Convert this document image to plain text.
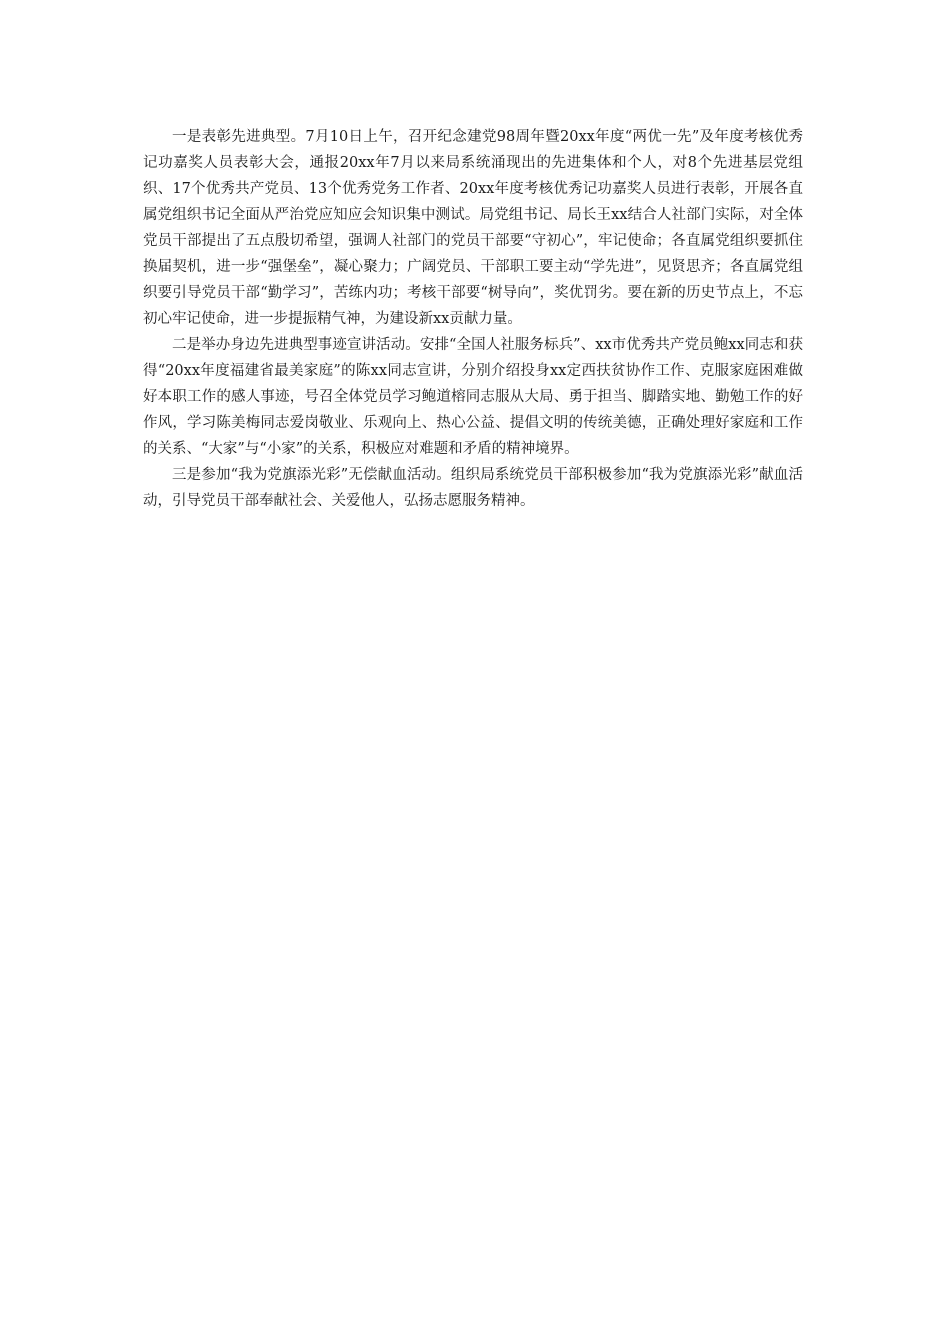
一是表彰先进典型。7月10日上午，召开纪念建党98周年暨20xx年度“两优一先”及年度考核优秀记功嘉奖人员表彰大会，通报20xx年7月以来局系统涌现出的先进集体和个人，对8个先进基层党组织、17个优秀共产党员、13个优秀党务工作者、20xx年度考核优秀记功嘉奖人员进行表彰，开展各直属党组织书记全面从严治党应知应会知识集中测试。局党组书记、局长王xx结合人社部门实际，对全体党员干部提出了五点殷切希望，强调人社部门的党员干部要“守初心”，牢记使命；各直属党组织要抓住换届契机，进一步“强堡垒”，凝心聚力；广阔党员、干部职工要主动“学先进”，见贤思齐；各直属党组织要引导党员干部“勤学习”，苦练内功；考核干部要“树导向”，奖优罚劣。要在新的历史节点上，不忘初心牢记使命，进一步提振精气神，为建设新xx贡献力量。

二是举办身边先进典型事迹宣讲活动。安排“全国人社服务标兵”、xx市优秀共产党员鲍xx同志和获得“20xx年度福建省最美家庭”的陈xx同志宣讲，分别介绍投身xx定西扶贫协作工作、克服家庭困难做好本职工作的感人事迹，号召全体党员学习鲍道榕同志服从大局、勇于担当、脚踏实地、勤勉工作的好作风，学习陈美梅同志爱岗敬业、乐观向上、热心公益、提倡文明的传统美德，正确处理好家庭和工作的关系、“大家”与“小家”的关系，积极应对难题和矛盾的精神境界。

三是参加“我为党旗添光彩”无偿献血活动。组织局系统党员干部积极参加“我为党旗添光彩”献血活动，引导党员干部奉献社会、关爱他人，弘扬志愿服务精神。
